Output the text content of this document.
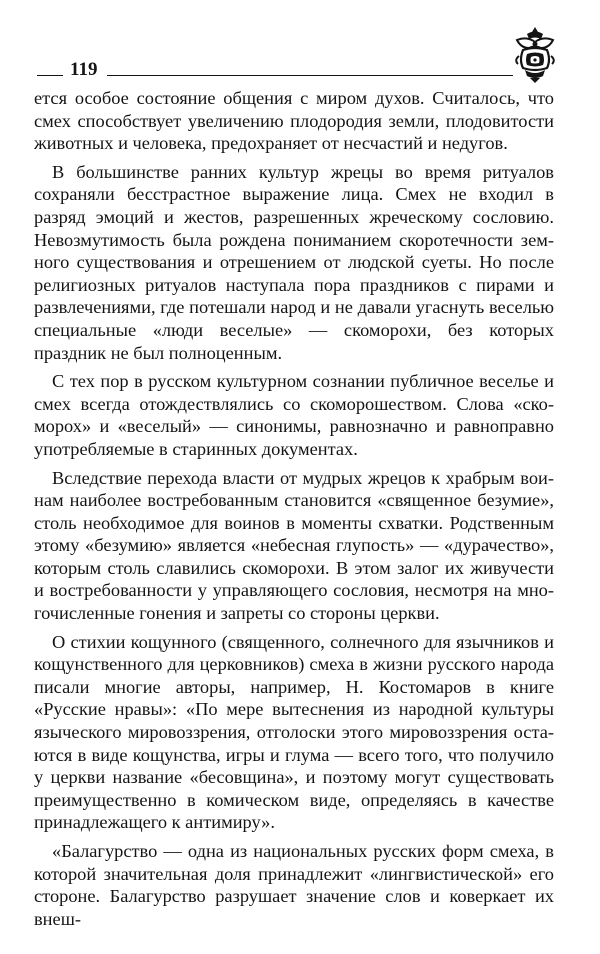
119

ется особое состояние общения с миром духов. Считалось, что смех способствует увеличению плодородия земли, плодовитости животных и человека, предохраняет от несчастий и недугов.

В большинстве ранних культур жрецы во время ритуалов сохраняли бесстрастное выражение лица. Смех не входил в разряд эмоций и жестов, разрешенных жреческому сословию. Невозмутимость была рождена пониманием скоротечности земного существования и отрешением от людской суеты. Но после религиозных ритуалов наступала пора праздников с пирами и развлечениями, где потешали народ и не давали угаснуть веселью специальные «люди веселые» — скоморохи, без которых праздник не был полноценным.

С тех пор в русском культурном сознании публичное веселье и смех всегда отождествлялись со скоморошеством. Слова «скоморох» и «веселый» — синонимы, равнозначно и равноправно употребляемые в старинных документах.

Вследствие перехода власти от мудрых жрецов к храбрым воинам наиболее востребованным становится «священное безумие», столь необходимое для воинов в моменты схватки. Родственным этому «безумию» является «небесная глупость» — «дурачество», которым столь славились скоморохи. В этом залог их живучести и востребованности у управляющего сословия, несмотря на многочисленные гонения и запреты со стороны церкви.

О стихии кощунного (священного, солнечного для язычников и кощунственного для церковников) смеха в жизни русского народа писали многие авторы, например, Н. Костомаров в книге «Русские нравы»: «По мере вытеснения из народной культуры языческого мировоззрения, отголоски этого мировоззрения остаются в виде кощунства, игры и глума — всего того, что получило у церкви название «бесовщина», и поэтому могут существовать преимущественно в комическом виде, определяясь в качестве принадлежащего к антимиру».

«Балагурство — одна из национальных русских форм смеха, в которой значительная доля принадлежит «лингвистической» его стороне. Балагурство разрушает значение слов и коверкает их внеш-
